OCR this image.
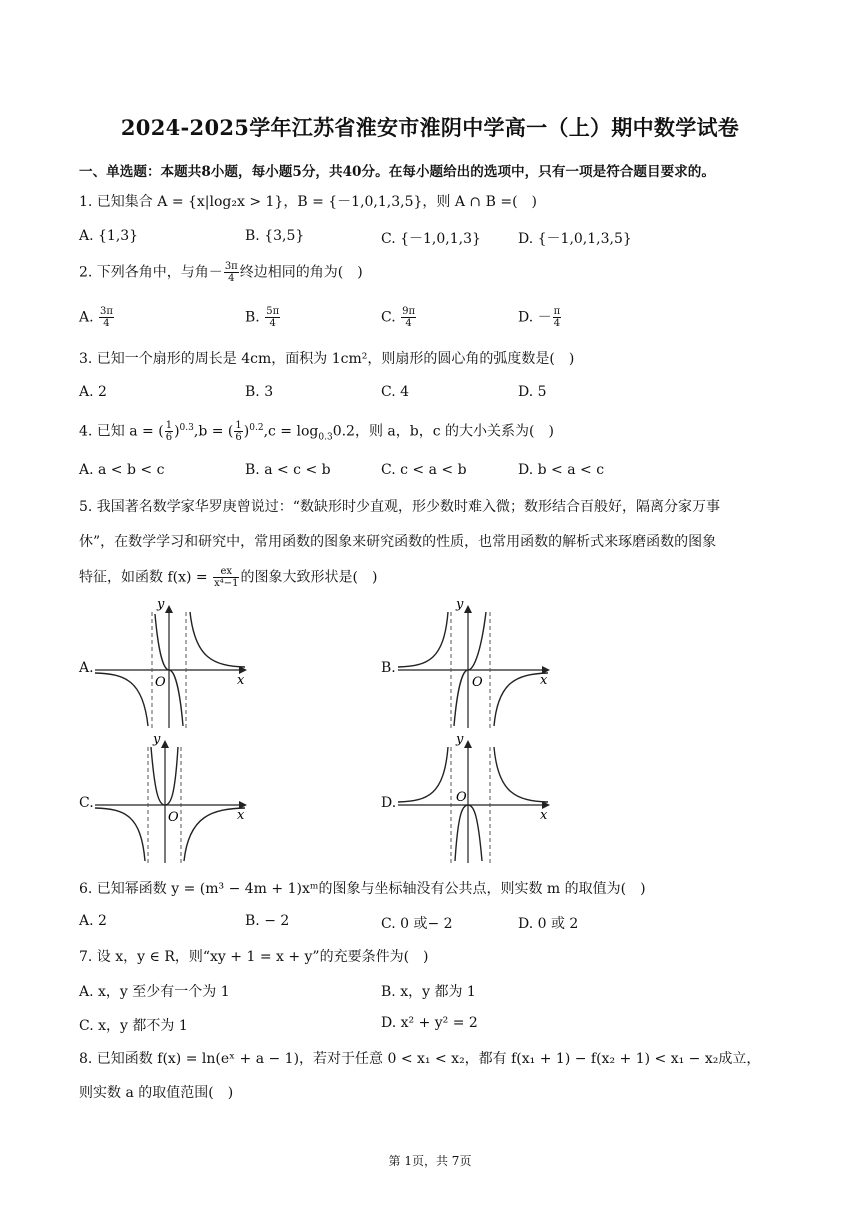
2024-2025学年江苏省淮安市淮阴中学高一（上）期中数学试卷
一、单选题：本题共8小题，每小题5分，共40分。在每小题给出的选项中，只有一项是符合题目要求的。
1. 已知集合 A = {x|log₂x > 1}，B = {－1,0,1,3,5}，则 A ∩ B =(　)
A. {1,3}	B. {3,5}	C. {－1,0,1,3}	D. {－1,0,1,3,5}
2. 下列各角中，与角－ $\frac{3\pi}{4}$ 终边相同的角为(　)
A. $\frac{3\pi}{4}$	B. $\frac{5\pi}{4}$	C. $\frac{9\pi}{4}$	D. － $\frac{\pi}{4}$
3. 已知一个扇形的周长是 4cm，面积为 1cm²，则扇形的圆心角的弧度数是(　)
A. 2	B. 3	C. 4	D. 5
4. 已知 a = ( $\frac{1}{6} )^{0.3},b$ = ( $\frac{1}{6} )^{0.2},c = \log_{0.3}0.2$，则 a，b，c 的大小关系为(　)
A. a < b < c	B. a < c < b	C. c < a < b	D. b < a < c
5. 我国著名数学家华罗庚曾说过：“数缺形时少直观，形少数时难入微；数形结合百般好，隔离分家万事
休”，在数学学习和研究中，常用函数的图象来研究函数的性质，也常用函数的解析式来琢磨函数的图象
特征，如函数 $f(x) = \frac{ex}{\text{x⁴−1}}$ 的图象大致形状是(　)
A.	B.
C.	D.
y
x
O
y
x
O
y
x
O
y
x
O
6. 已知幂函数 y = (m³ − 4m + 1)xᵐ的图象与坐标轴没有公共点，则实数 m 的取值为(　)
A. 2	B. − 2	C. 0 或− 2	D. 0 或 2
7. 设 x，y ∈ R，则“xy + 1 = x + y”的充要条件为(　)
A. x，y 至少有一个为 1	B. x，y 都为 1
C. x，y 都不为 1	D. x² + y² = 2
8. 已知函数 f(x) = ln(eˣ + a − 1)，若对于任意 0 < x₁ < x₂，都有 f(x₁ + 1) − f(x₂ + 1) < x₁ − x₂成立，
则实数 a 的取值范围(　)
第 1页，共 7页
